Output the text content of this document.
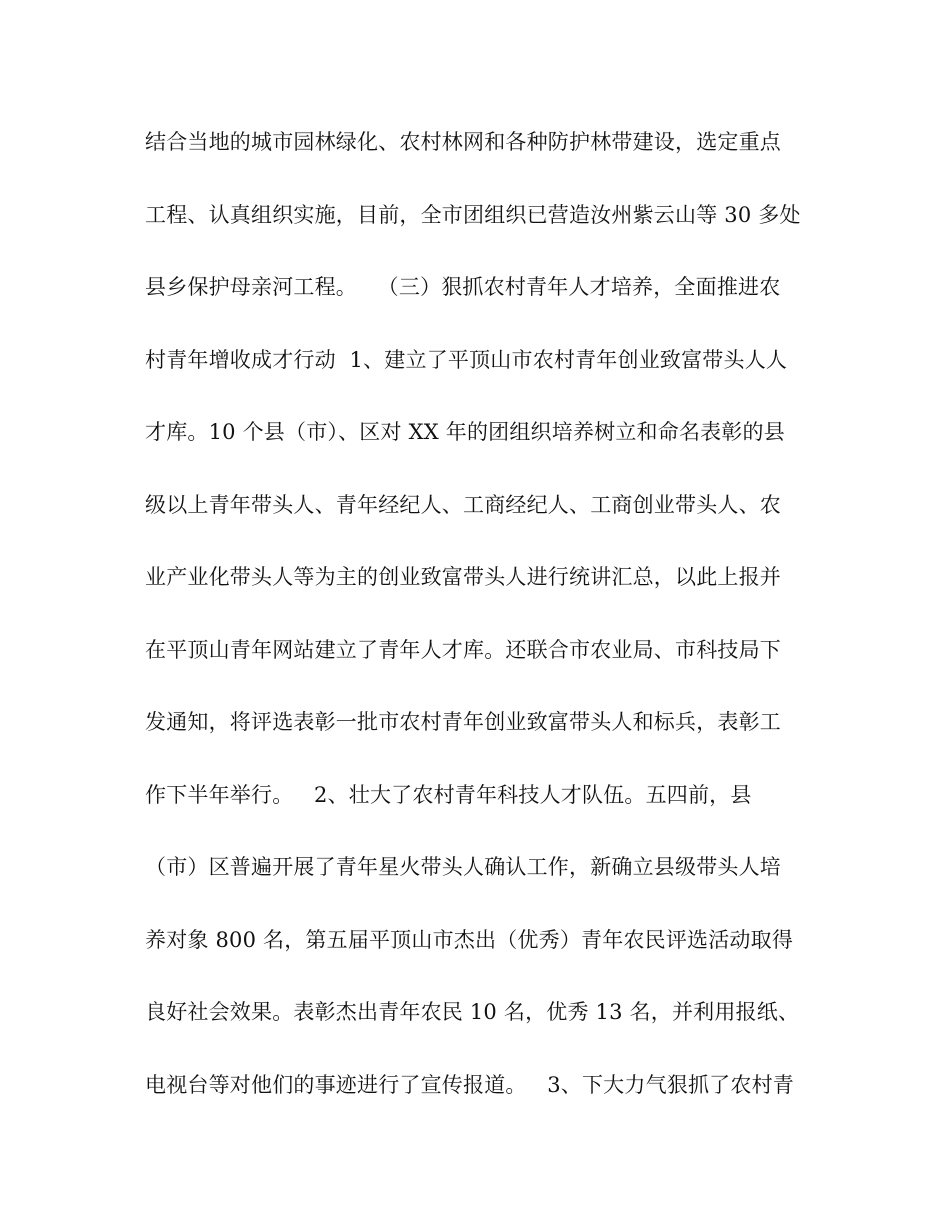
结合当地的城市园林绿化、农村林网和各种防护林带建设，选定重点
工程、认真组织实施，目前，全市团组织已营造汝州紫云山等 30 多处
县乡保护母亲河工程。   （三）狠抓农村青年人才培养，全面推进农
村青年增收成才行动  1、建立了平顶山市农村青年创业致富带头人人
才库。10 个县（市）、区对 XX 年的团组织培养树立和命名表彰的县
级以上青年带头人、青年经纪人、工商经纪人、工商创业带头人、农
业产业化带头人等为主的创业致富带头人进行统讲汇总，以此上报并
在平顶山青年网站建立了青年人才库。还联合市农业局、市科技局下
发通知，将评选表彰一批市农村青年创业致富带头人和标兵，表彰工
作下半年举行。   2、壮大了农村青年科技人才队伍。五四前，县
（市）区普遍开展了青年星火带头人确认工作，新确立县级带头人培
养对象 800 名，第五届平顶山市杰出（优秀）青年农民评选活动取得
良好社会效果。表彰杰出青年农民 10 名，优秀 13 名，并利用报纸、
电视台等对他们的事迹进行了宣传报道。   3、下大力气狠抓了农村青
